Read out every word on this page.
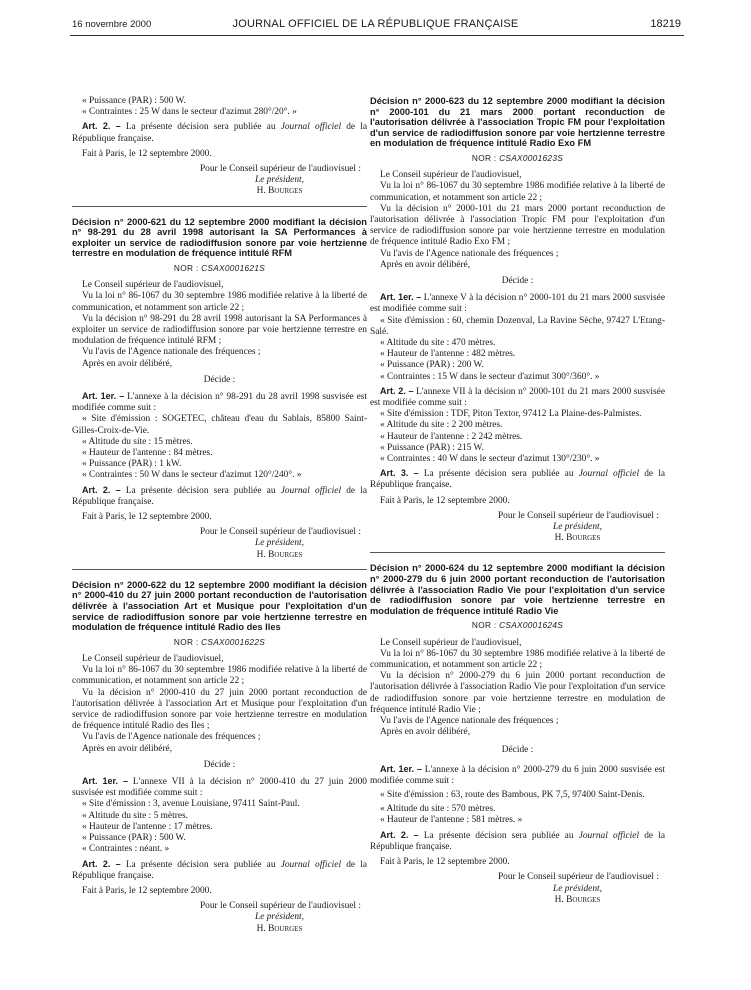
16 novembre 2000	JOURNAL OFFICIEL DE LA RÉPUBLIQUE FRANÇAISE	18219

« Puissance (PAR) : 500 W.

« Contraintes : 25 W dans le secteur d'azimut 280°/20°. »

Art. 2. – La présente décision sera publiée au Journal officiel de la République française.

Fait à Paris, le 12 septembre 2000.

Pour le Conseil supérieur de l'audiovisuel :

Le président,

H. Bourges

Décision n° 2000-621 du 12 septembre 2000 modifiant la décision n° 98-291 du 28 avril 1998 autorisant la SA Performances à exploiter un service de radiodiffusion sonore par voie hertzienne terrestre en modulation de fréquence intitulé RFM

NOR : CSAX0001621S

Le Conseil supérieur de l'audiovisuel,

Vu la loi n° 86-1067 du 30 septembre 1986 modifiée relative à la liberté de communication, et notamment son article 22 ;

Vu la décision n° 98-291 du 28 avril 1998 autorisant la SA Performances à exploiter un service de radiodiffusion sonore par voie hertzienne terrestre en modulation de fréquence intitulé RFM ;

Vu l'avis de l'Agence nationale des fréquences ;

Après en avoir délibéré,

Décide :

Art. 1er. – L'annexe à la décision n° 98-291 du 28 avril 1998 susvisée est modifiée comme suit :

« Site d'émission : SOGETEC, château d'eau du Sablais, 85800 Saint-Gilles-Croix-de-Vie.

« Altitude du site : 15 mètres.

« Hauteur de l'antenne : 84 mètres.

« Puissance (PAR) : 1 kW.

« Contraintes : 50 W dans le secteur d'azimut 120°/240°. »

Art. 2. – La présente décision sera publiée au Journal officiel de la République française.

Fait à Paris, le 12 septembre 2000.

Pour le Conseil supérieur de l'audiovisuel :

Le président,

H. Bourges

Décision n° 2000-622 du 12 septembre 2000 modifiant la décision n° 2000-410 du 27 juin 2000 portant reconduction de l'autorisation délivrée à l'association Art et Musique pour l'exploitation d'un service de radiodiffusion sonore par voie hertzienne terrestre en modulation de fréquence intitulé Radio des Iles

NOR : CSAX0001622S

Le Conseil supérieur de l'audiovisuel,

Vu la loi n° 86-1067 du 30 septembre 1986 modifiée relative à la liberté de communication, et notamment son article 22 ;

Vu la décision n° 2000-410 du 27 juin 2000 portant reconduction de l'autorisation délivrée à l'association Art et Musique pour l'exploitation d'un service de radiodiffusion sonore par voie hertzienne terrestre en modulation de fréquence intitulé Radio des Iles ;

Vu l'avis de l'Agence nationale des fréquences ;

Après en avoir délibéré,

Décide :

Art. 1er. – L'annexe VII à la décision n° 2000-410 du 27 juin 2000 susvisée est modifiée comme suit :

« Site d'émission : 3, avenue Louisiane, 97411 Saint-Paul.

« Altitude du site : 5 mètres.

« Hauteur de l'antenne : 17 mètres.

« Puissance (PAR) : 500 W.

« Contraintes : néant. »

Art. 2. – La présente décision sera publiée au Journal officiel de la République française.

Fait à Paris, le 12 septembre 2000.

Pour le Conseil supérieur de l'audiovisuel :

Le président,

H. Bourges

Décision n° 2000-623 du 12 septembre 2000 modifiant la décision n° 2000-101 du 21 mars 2000 portant reconduction de l'autorisation délivrée à l'association Tropic FM pour l'exploitation d'un service de radiodiffusion sonore par voie hertzienne terrestre en modulation de fréquence intitulé Radio Exo FM

NOR : CSAX0001623S

Le Conseil supérieur de l'audiovisuel,

Vu la loi n° 86-1067 du 30 septembre 1986 modifiée relative à la liberté de communication, et notamment son article 22 ;

Vu la décision n° 2000-101 du 21 mars 2000 portant reconduction de l'autorisation délivrée à l'association Tropic FM pour l'exploitation d'un service de radiodiffusion sonore par voie hertzienne terrestre en modulation de fréquence intitulé Radio Exo FM ;

Vu l'avis de l'Agence nationale des fréquences ;

Après en avoir délibéré,

Décide :

Art. 1er. – L'annexe V à la décision n° 2000-101 du 21 mars 2000 susvisée est modifiée comme suit :

« Site d'émission : 60, chemin Dozenval, La Ravine Sèche, 97427 L'Etang-Salé.

« Altitude du site : 470 mètres.

« Hauteur de l'antenne : 482 mètres.

« Puissance (PAR) : 200 W.

« Contraintes : 15 W dans le secteur d'azimut 300°/360°. »

Art. 2. – L'annexe VII à la décision n° 2000-101 du 21 mars 2000 susvisée est modifiée comme suit :

« Site d'émission : TDF, Piton Textor, 97412 La Plaine-des-Palmistes.

« Altitude du site : 2 200 mètres.

« Hauteur de l'antenne : 2 242 mètres.

« Puissance (PAR) : 215 W.

« Contraintes : 40 W dans le secteur d'azimut 130°/230°. »

Art. 3. – La présente décision sera publiée au Journal officiel de la République française.

Fait à Paris, le 12 septembre 2000.

Pour le Conseil supérieur de l'audiovisuel :

Le président,

H. Bourges

Décision n° 2000-624 du 12 septembre 2000 modifiant la décision n° 2000-279 du 6 juin 2000 portant reconduction de l'autorisation délivrée à l'association Radio Vie pour l'exploitation d'un service de radiodiffusion sonore par voie hertzienne terrestre en modulation de fréquence intitulé Radio Vie

NOR : CSAX0001624S

Le Conseil supérieur de l'audiovisuel,

Vu la loi n° 86-1067 du 30 septembre 1986 modifiée relative à la liberté de communication, et notamment son article 22 ;

Vu la décision n° 2000-279 du 6 juin 2000 portant reconduction de l'autorisation délivrée à l'association Radio Vie pour l'exploitation d'un service de radiodiffusion sonore par voie hertzienne terrestre en modulation de fréquence intitulé Radio Vie ;

Vu l'avis de l'Agence nationale des fréquences ;

Après en avoir délibéré,

Décide :

Art. 1er. – L'annexe à la décision n° 2000-279 du 6 juin 2000 susvisée est modifiée comme suit :

« Site d'émission : 63, route des Bambous, PK 7,5, 97400 Saint-Denis.

« Altitude du site : 570 mètres.

« Hauteur de l'antenne : 581 mètres. »

Art. 2. – La présente décision sera publiée au Journal officiel de la République française.

Fait à Paris, le 12 septembre 2000.

Pour le Conseil supérieur de l'audiovisuel :

Le président,

H. Bourges
